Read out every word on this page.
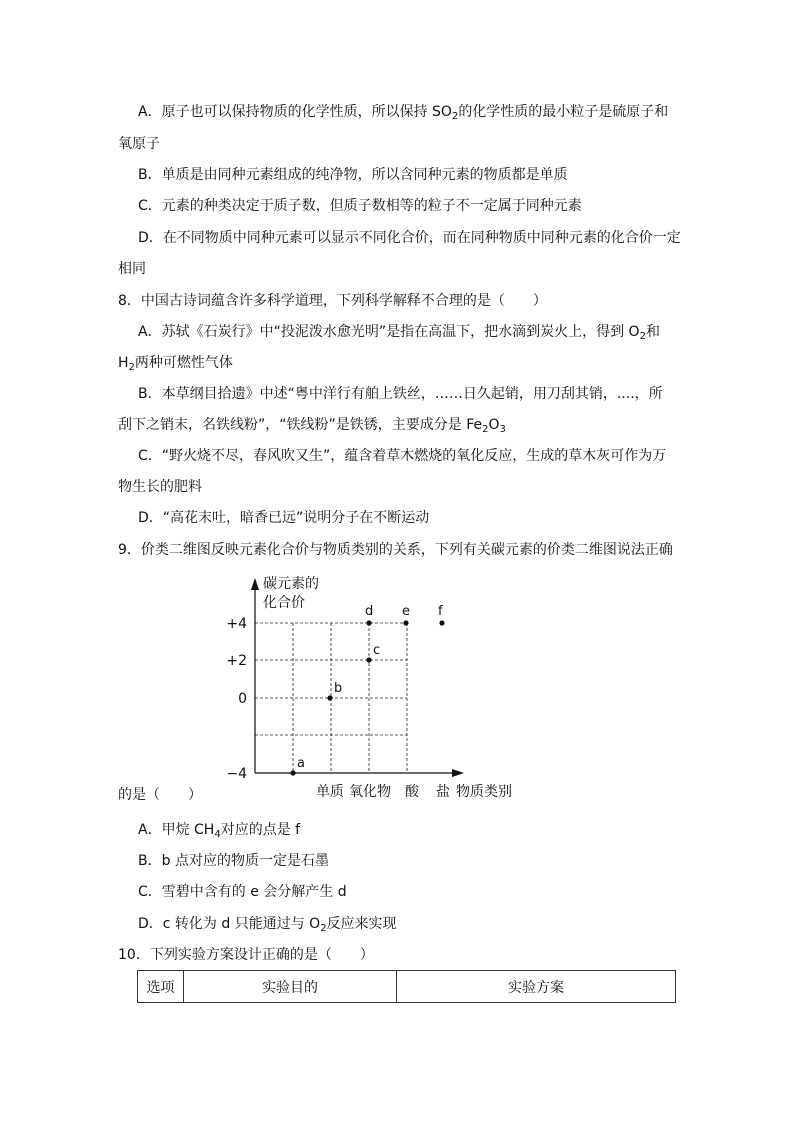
A．原子也可以保持物质的化学性质，所以保持 $SO_2$的化学性质的最小粒子是硫原子和
氧原子
B．单质是由同种元素组成的纯净物，所以含同种元素的物质都是单质
C．元素的种类决定于质子数，但质子数相等的粒子不一定属于同种元素
D．在不同物质中同种元素可以显示不同化合价，而在同种物质中同种元素的化合价一定
相同
8．中国古诗词蕴含许多科学道理，下列科学解释不合理的是（　　）
A．苏轼《石炭行》中“投泥泼水愈光明”是指在高温下，把水滴到炭火上，得到 $O_2$和
$H_2$两种可燃性气体
B．本草纲目拾遗》中述“粤中洋行有舶上铁丝，……日久起销，用刀刮其销，....，所
刮下之销末，名铁线粉”，“铁线粉”是铁锈，主要成分是 $Fe_2O_3$
C．“野火烧不尽，春风吹又生”，蕴含着草木燃烧的氧化反应，生成的草木灰可作为万
物生长的肥料
D．“高花末吐，暗香已远”说明分子在不断运动
9．价类二维图反映元素化合价与物质类别的关系，下列有关碳元素的价类二维图说法正确
碳元素的
化合价
+4
+2
0
−4
单质 氧化物 酸 盐 物质类别
a
b
c
d e f
的是（　　）
A．甲烷 $CH_4$对应的点是 f
B．b 点对应的物质一定是石墨
C．雪碧中含有的 e 会分解产生 d
D．c 转化为 d 只能通过与 $O_2$反应来实现
10．下列实验方案设计正确的是（　　）
选项	实验目的	实验方案
